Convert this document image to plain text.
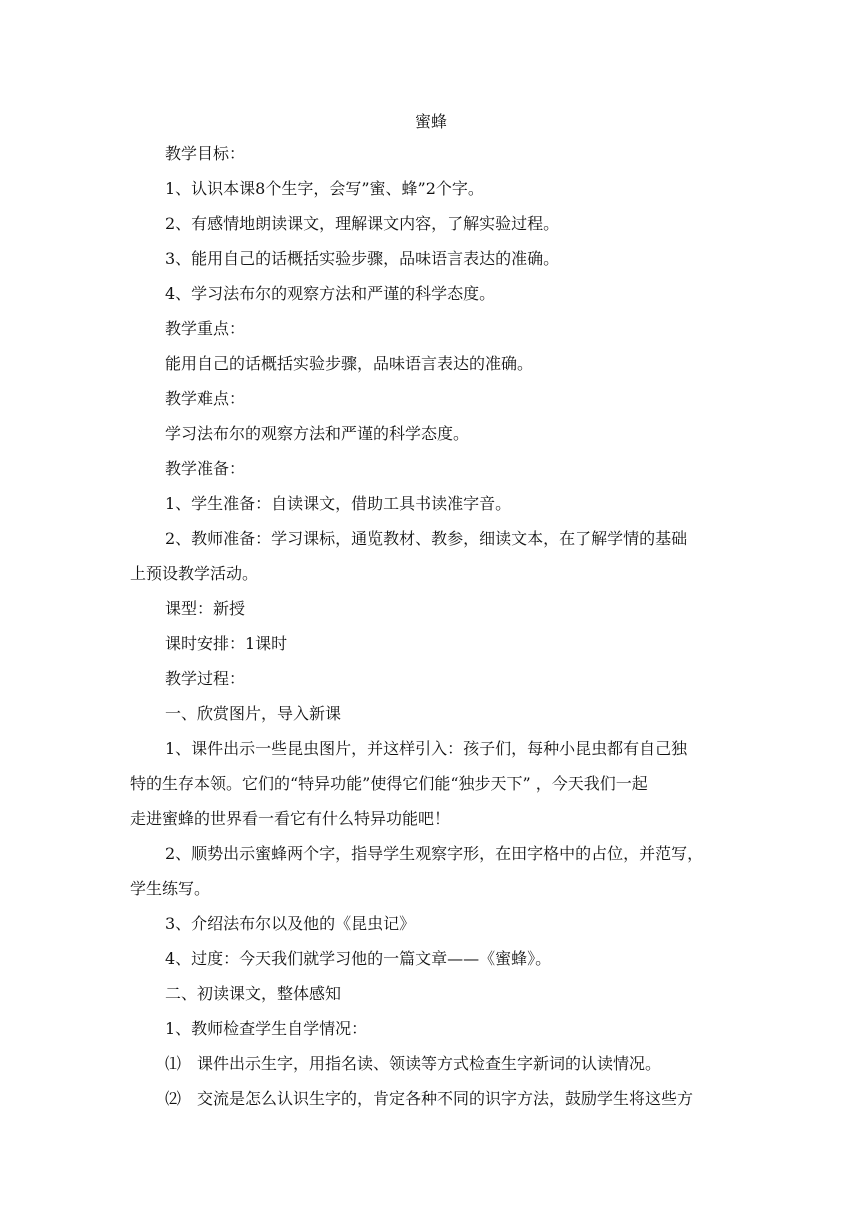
蜜蜂

教学目标：

1、认识本课8个生字，会写”蜜、蜂”2个字。

2、有感情地朗读课文，理解课文内容，了解实验过程。

3、能用自己的话概括实验步骤，品味语言表达的准确。

4、学习法布尔的观察方法和严谨的科学态度。

教学重点：

能用自己的话概括实验步骤，品味语言表达的准确。

教学难点：

学习法布尔的观察方法和严谨的科学态度。

教学准备：

1、学生准备：自读课文，借助工具书读准字音。

2、教师准备：学习课标，通览教材、教参，细读文本，在了解学情的基础

上预设教学活动。

课型：新授

课时安排：1课时

教学过程：

一、欣赏图片，导入新课

1、课件出示一些昆虫图片，并这样引入：孩子们，每种小昆虫都有自己独

特的生存本领。它们的“特异功能”使得它们能“独步天下” ，今天我们一起

走进蜜蜂的世界看一看它有什么特异功能吧！

2、顺势出示蜜蜂两个字，指导学生观察字形，在田字格中的占位，并范写，

学生练写。

3、介绍法布尔以及他的《昆虫记》

4、过度：今天我们就学习他的一篇文章——《蜜蜂》。

二、初读课文，整体感知

1、教师检查学生自学情况：

⑴ 课件出示生字，用指名读、领读等方式检查生字新词的认读情况。

⑵ 交流是怎么认识生字的，肯定各种不同的识字方法，鼓励学生将这些方
